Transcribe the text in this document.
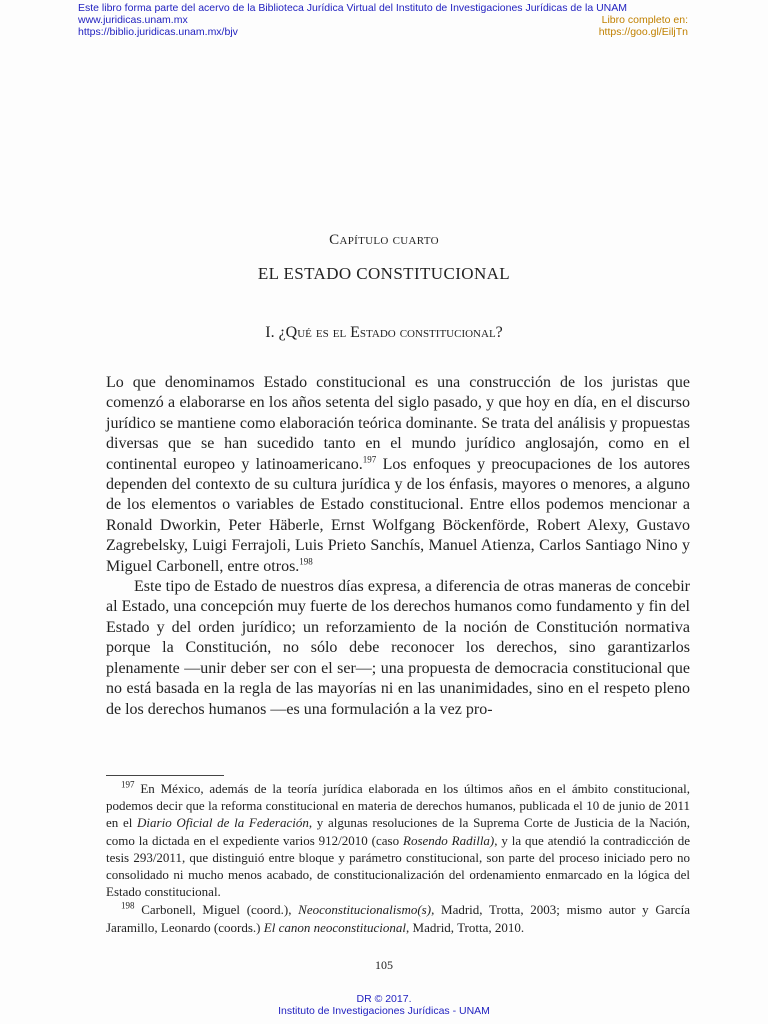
Este libro forma parte del acervo de la Biblioteca Jurídica Virtual del Instituto de Investigaciones Jurídicas de la UNAM
www.juridicas.unam.mx
https://biblio.juridicas.unam.mx/bjv
Libro completo en:
https://goo.gl/EiljTn
Capítulo cuarto
EL ESTADO CONSTITUCIONAL
I. ¿Qué es el Estado constitucional?

Lo que denominamos Estado constitucional es una construcción de los juristas que comenzó a elaborarse en los años setenta del siglo pasado, y que hoy en día, en el discurso jurídico se mantiene como elaboración teórica dominante. Se trata del análisis y propuestas diversas que se han sucedido tanto en el mundo jurídico anglosajón, como en el continental europeo y latinoamericano.$^{197}$ Los enfoques y preocupaciones de los autores dependen del contexto de su cultura jurídica y de los énfasis, mayores o menores, a alguno de los elementos o variables de Estado constitucional. Entre ellos podemos mencionar a Ronald Dworkin, Peter Häberle, Ernst Wolfgang Böckenförde, Robert Alexy, Gustavo Zagrebelsky, Luigi Ferrajoli, Luis Prieto Sanchís, Manuel Atienza, Carlos Santiago Nino y Miguel Carbonell, entre otros.$^{198}$

Este tipo de Estado de nuestros días expresa, a diferencia de otras maneras de concebir al Estado, una concepción muy fuerte de los derechos humanos como fundamento y fin del Estado y del orden jurídico; un reforzamiento de la noción de Constitución normativa porque la Constitución, no sólo debe reconocer los derechos, sino garantizarlos plenamente —unir deber ser con el ser—; una propuesta de democracia constitucional que no está basada en la regla de las mayorías ni en las unanimidades, sino en el respeto pleno de los derechos humanos —es una formulación a la vez pro-

$^{197}$ En México, además de la teoría jurídica elaborada en los últimos años en el ámbito constitucional, podemos decir que la reforma constitucional en materia de derechos humanos, publicada el 10 de junio de 2011 en el Diario Oficial de la Federación, y algunas resoluciones de la Suprema Corte de Justicia de la Nación, como la dictada en el expediente varios 912/2010 (caso Rosendo Radilla), y la que atendió la contradicción de tesis 293/2011, que distinguió entre bloque y parámetro constitucional, son parte del proceso iniciado pero no consolidado ni mucho menos acabado, de constitucionalización del ordenamiento enmarcado en la lógica del Estado constitucional.

$^{198}$ Carbonell, Miguel (coord.), Neoconstitucionalismo(s), Madrid, Trotta, 2003; mismo autor y García Jaramillo, Leonardo (coords.) El canon neoconstitucional, Madrid, Trotta, 2010.

105
DR © 2017.
Instituto de Investigaciones Jurídicas - UNAM
